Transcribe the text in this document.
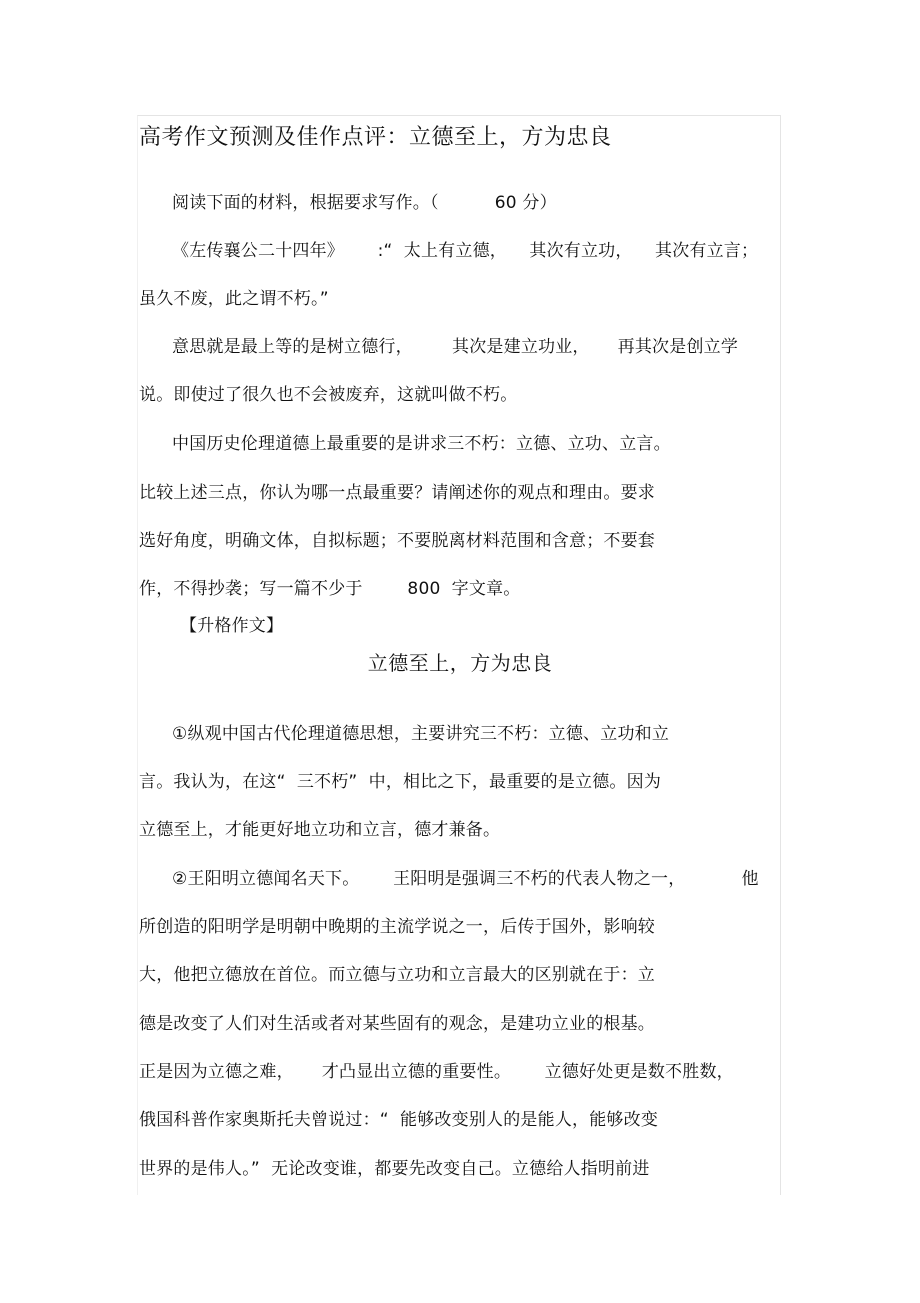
高考作文预测及佳作点评：立德至上，方为忠良
阅读下面的材料，根据要求写作。（          60 分）
《左传襄公二十四年》      :“  太上有立德，    其次有立功，    其次有立言；
虽久不废，此之谓不朽。”
意思就是最上等的是树立德行，       其次是建立功业，     再其次是创立学
说。即使过了很久也不会被废弃，这就叫做不朽。
中国历史伦理道德上最重要的是讲求三不朽：立德、立功、立言。
比较上述三点，你认为哪一点最重要？请阐述你的观点和理由。要求
选好角度，明确文体，自拟标题；不要脱离材料范围和含意；不要套
作，不得抄袭；写一篇不少于        800  字文章。
【升格作文】
立德至上，方为忠良
①纵观中国古代伦理道德思想，主要讲究三不朽：立德、立功和立
言。我认为，在这“  三不朽”  中，相比之下，最重要的是立德。因为
立德至上，才能更好地立功和立言，德才兼备。
②王阳明立德闻名天下。      王阳明是强调三不朽的代表人物之一，          他
所创造的阳明学是明朝中晚期的主流学说之一，后传于国外，影响较
大，他把立德放在首位。而立德与立功和立言最大的区别就在于：立
德是改变了人们对生活或者对某些固有的观念，是建功立业的根基。
正是因为立德之难，     才凸显出立德的重要性。      立德好处更是数不胜数，
俄国科普作家奥斯托夫曾说过：“  能够改变别人的是能人，能够改变
世界的是伟人。”  无论改变谁，都要先改变自己。立德给人指明前进
